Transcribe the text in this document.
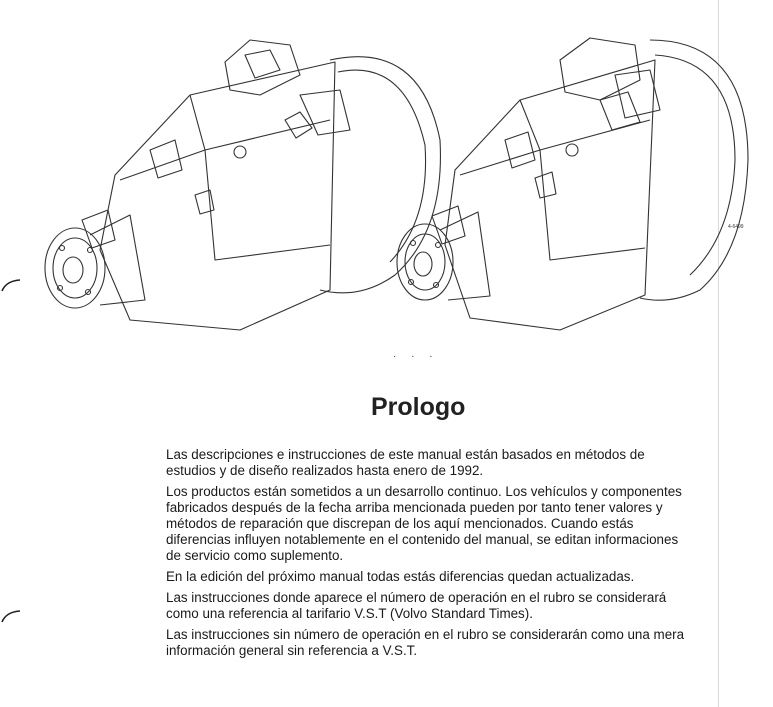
4-6499
· · ·
Prologo

Las descripciones e instrucciones de este manual están basados en métodos de estudios y de diseño realizados hasta enero de 1992.

Los productos están sometidos a un desarrollo continuo. Los vehículos y componentes fabricados después de la fecha arriba mencionada pueden por tanto tener valores y métodos de reparación que discrepan de los aquí mencionados. Cuando estás diferencias influyen notablemente en el contenido del manual, se editan informaciones de servicio como suplemento.

En la edición del próximo manual todas estás diferencias quedan actualizadas.

Las instrucciones donde aparece el número de operación en el rubro se considerará como una referencia al tarifario V.S.T (Volvo Standard Times).

Las instrucciones sin número de operación en el rubro se considerarán como una mera información general sin referencia a V.S.T.
